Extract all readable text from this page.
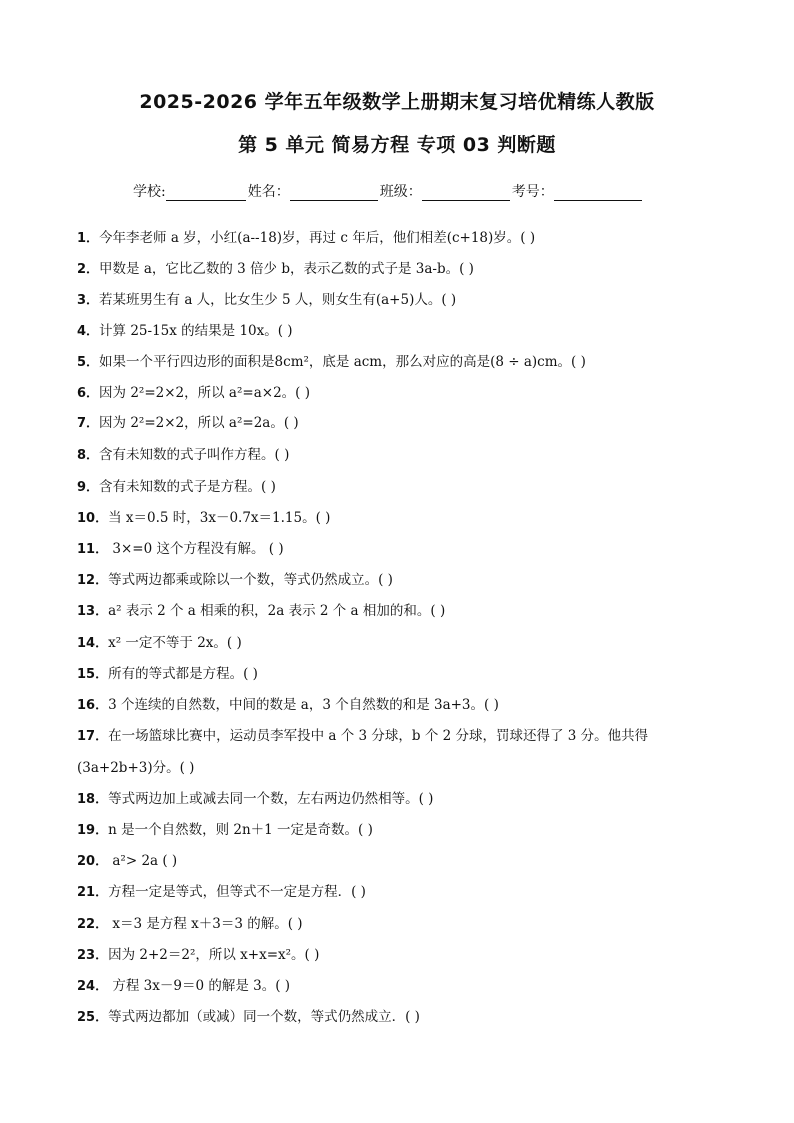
2025-2026 学年五年级数学上册期末复习培优精练人教版
第 5 单元 简易方程 专项 03 判断题
学校:	姓名：	班级：	考号：
1．今年李老师 a 岁，小红(a--18)岁，再过 c 年后，他们相差(c+18)岁。( )
2．甲数是 a，它比乙数的 3 倍少 b，表示乙数的式子是 3a-b。( )
3．若某班男生有 a 人，比女生少 5 人，则女生有(a+5)人。( )
4．计算 25-15x 的结果是 10x。( )
5．如果一个平行四边形的面积是8cm²，底是 acm，那么对应的高是(8 ÷ a)cm。( )
6．因为 2²=2×2，所以 a²=a×2。( )
7．因为 2²=2×2，所以 a²=2a。( )
8．含有未知数的式子叫作方程。( )
9．含有未知数的式子是方程。( )
10．当 x＝0.5 时，3x－0.7x＝1.15。( )
11． 3×=0 这个方程没有解。 ( )
12．等式两边都乘或除以一个数，等式仍然成立。( )
13．a² 表示 2 个 a 相乘的积，2a 表示 2 个 a 相加的和。( )
14．x² 一定不等于 2x。( )
15．所有的等式都是方程。( )
16．3 个连续的自然数，中间的数是 a，3 个自然数的和是 3a+3。( )
17．在一场篮球比赛中，运动员李军投中 a 个 3 分球，b 个 2 分球，罚球还得了 3 分。他共得
(3a+2b+3)分。( )
18．等式两边加上或减去同一个数，左右两边仍然相等。( )
19．n 是一个自然数，则 2n＋1 一定是奇数。( )
20． a²> 2a ( )
21．方程一定是等式，但等式不一定是方程．( )
22． x＝3 是方程 x＋3＝3 的解。( )
23．因为 2+2＝2²，所以 x+x=x²。( )
24． 方程 3x－9＝0 的解是 3。( )
25．等式两边都加（或减）同一个数，等式仍然成立．( )
